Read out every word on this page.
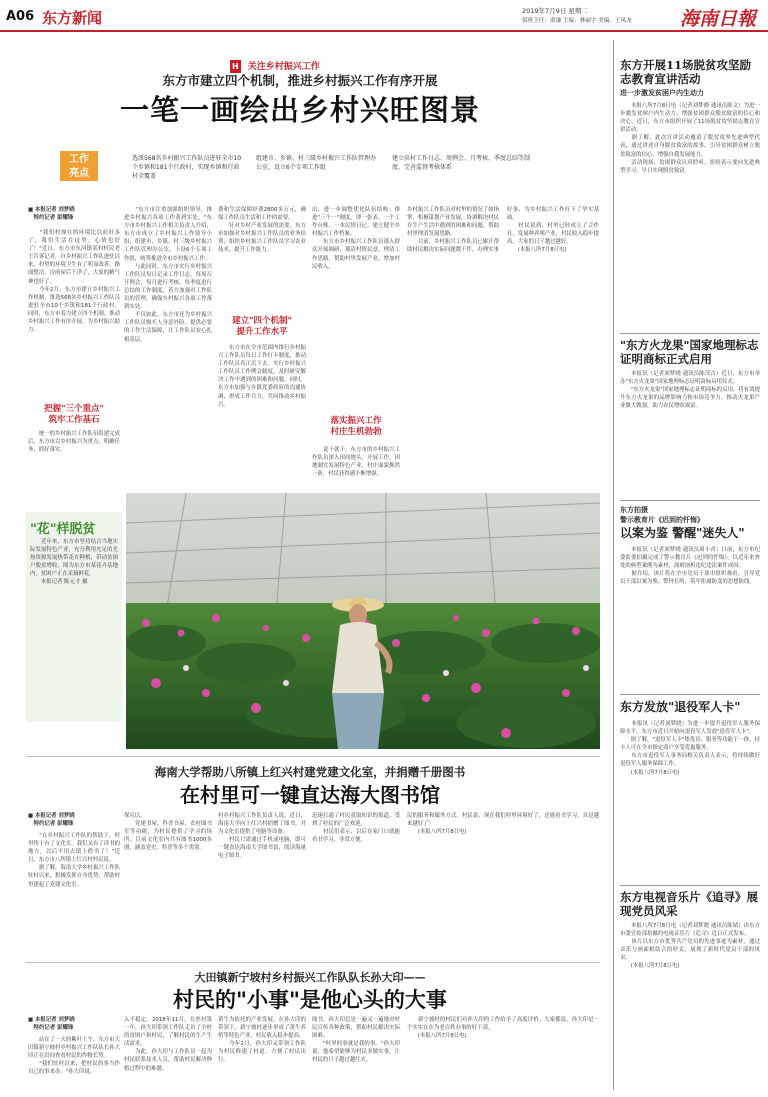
A06 东方新闻	2019年7月9日 星期二
值班主任：俞谦 主编：林丽宇 美编：王凤龙	海南日報
H 关注乡村振兴工作
东方市建立四个机制，推进乡村振兴工作有序开展
一笔一画绘出乡村兴旺图景
工作
亮点
选派568名乡村振兴工作队员进驻全市10个乡镇和181个行政村，实现乡镇和行政村全覆盖
组建市、乡镇、村三级乡村振兴工作队管理办公室，设立6个专项工作组
建立驻村工作日志、周例会、月考核、季度总结等制度，完善监督考核体系
■ 本报记者 刘梦晓
特约记者 彭耀锋
　　"我们村现在的环境比以前好多了，我们生活在这里，心情也好了！"近日，东方市东河镇某村村民老王告诉记者，自乡村振兴工作队进驻以来，村里的环境卫生有了明显改善，路面整洁，房前屋后干净了，大家的精气神也好了。
　　今年2月，东方市建立乡村振兴工作机制，推选568名乡村振兴工作队员进驻全市10个乡镇和181个行政村。同时，东方市着力建立四个机制，推动乡村振兴工作有序开展，为乡村振兴助力。
把握"三个重点"
筑牢工作基石
　　统一的乡村振兴工作队伍组建完成后，东方市以乡村振兴为重点，明确任务，抓好落实。
　　"东方市注重加强组织领导，推进乡村振兴各项工作落到实处。"东方市乡村振兴工作相关负责人介绍，东方市成立了乡村振兴工作领导小组，组建市、乡镇、村三级乡村振兴工作队管理办公室，下设6个专项工作组，统筹推进全市乡村振兴工作。
　　与此同时，东方市实行乡村振兴工作队员每日记录工作日志，每周召开例会，每月进行考核，每季度进行总结的工作制度，着力加强对工作队员的管理，确保乡村振兴各项工作落到实处。
　　不仅如此，东方市还为乡村振兴工作队员购买人身意外险，提供必要的工作生活保障，让工作队员安心扎根基层。
费和生活保障经费2800多万元，确保工作队员生活和工作的需要。
　　针对乡村产业发展的需要，东方市加强对乡村振兴工作队员的业务培训，组织乡村振兴工作队员学习农业技术，提升工作能力。
建立"四个机制"
提升工作水平
　　东方市在全市范围内推行乡村振兴工作队员每日工作打卡制度，推动工作队员真正沉下去。实行乡村振兴工作队员工作例会制度，及时研究解决工作中遇到的困难和问题。同时，东方市加强与乡镇党委政府的沟通协调，形成工作合力，共同推动乡村振兴。
出，进一步调整优化队伍结构；推进"三个一"制度，即一张表、一个工作台账、一本民情日记，建立健全乡村振兴工作档案。
　　东方市乡村振兴工作队员深入群众开展调研，摸清村情民意，理清工作思路，帮助村里发展产业，增加村民收入。
落实振兴工作
村庄生机勃勃
　　说干就干，东方市的乡村振兴工作队员深入田间地头，开展工作，因地制宜发展特色产业，村庄面貌焕然一新，村民获得感不断增强。
乡村振兴工作队员对村里的情况了如指掌，积极谋划产业发展，协调解决村民在生产生活中遇到的困难和问题，帮助村里理清发展思路。
　　目前，乡村振兴工作队员已累计帮助村民解决实际问题数千件，办理实事好事，为乡村振兴工作打下了坚实基础。
　　村民说到，村里已经成立了合作社，发展种养殖产业，村民收入稳步提高，大家的日子越过越好。
　　(本报八所7月8日电)
"花"样脱贫
　　近年来，东方市坚持结合当地实际发展特色产业，充分利用充足的光热资源发展热带花卉种植，带动贫困户脱贫增收。图为东方市某花卉基地内，贫困户正在采摘鲜花。
　　本报记者 陈元才 摄
海南大学帮助八所镇上红兴村建党建文化室，并捐赠千册图书
在村里可一键直达海大图书馆
■ 本报记者 刘梦晓
特约记者 彭耀锋
　　"在乡村振兴工作队的帮助下，村里终于有了文化室。我们又有了读书的地方，以后不用去镇上借书了！"近日，东方市八所镇上红兴村村民说。
　　据了解，海南大学乡村振兴工作队驻村以来，积极发挥自身优势，帮助村里建起了党建文化室。
探究以。
　　党建书屋、科普书屋、农村图书室等功能，为村民提供了学习的场所。目前文化室内共有图书1000多册，涵盖党史、科普等多个类别。
村乡村振兴工作队负责人说，近日，海南大学向上红兴村捐赠了图书，并为文化室提供了电脑等设备。
　　村民只需通过手机或电脑，即可一键直达海南大学图书馆，阅读海量电子图书。
迅速打通了村民获取知识的渠道，受到了村民的广泛欢迎。
　　村民们表示，以后在家门口就能看书学习，非常方便。
民的服务和服务方式。村民说，现在我们村里环境好了，还能看书学习，真是越来越好了！
　　(本报八所7月8日电)
大田镇新宁坡村乡村振兴工作队队长孙大印——
村民的"小事"是他心头的大事
■ 本报记者 刘梦晓
特约记者 彭耀锋
　　站在了一天的紫叶上午，东方市大田镇新宁坡村乡村振兴工作队队长孙大印正在田间查看村民的作物长势。
　　"我们驻村以来，把村民的事当作自己的事来办。"孙大印说。
入不稳定。2018年11月，在驻村第一年，孙大印带领工作队走访了全村的贫困户和村民，了解村民的生产生活需求。
　　为此，孙大印与工作队员一起为村民联系技术人员，帮助村民解决种植过程中的难题。
黄牛为依托的产业发展，在孙大印的带领下，新宁坡村逐步形成了黄牛养殖等特色产业，村民收入稳步提高。
　　今年2月，孙大印又带领工作队为村民修建了村道，方便了村民出行。
阅书，孙大印总是一遍又一遍地对村民宣传各种政策，帮助村民解决实际困难。
　　"村里的事就是我的事。"孙大印说，他希望能够为村民多做实事，让村民的日子越过越红火。
　　新宁坡村的村民们对孙大印的工作给予了高度评价。大家都说，孙大印是一个实实在在为老百姓办事的好干部。
　　(本报八所7月8日电)
东方开展11场脱贫攻坚励志教育宣讲活动
进一步激发贫困户内生动力
　　本报八所7月8日电（记者刘梦晓 通讯员陈文）为进一步激发贫困户内生动力，增强贫困群众脱贫致富的信心和决心，近日，东方市组织开展了11场脱贫攻坚励志教育宣讲活动。
　　据了解，此次宣讲活动邀请了脱贫攻坚先进典型代表，通过讲述自身脱贫致富的故事，引导贫困群众树立脱贫致富的信心，增强自我发展能力。
　　活动现场，贫困群众认真聆听，纷纷表示要向先进典型学习，早日实现脱贫致富。
"东方火龙果"国家地理标志证明商标正式启用
　　本报讯（记者刘梦晓 通讯员陈茂吉）近日，东方市举办"东方火龙果"国家地理标志证明商标启用仪式。
　　"东方火龙果"国家地理标志证明商标的启用，将有效提升东方火龙果的品牌影响力和市场竞争力，推动火龙果产业做大做强，助力农民增收致富。
东方拍摄
警示教育片《迟到的忏悔》
以案为鉴 警醒"迷失人"
　　本报讯（记者刘梦晓 通讯员周小青）日前，东方市纪委监委拍摄完成了警示教育片《迟到的忏悔》，以近年来查处的典型案例为素材，深刻剖析违纪违法案件成因。
　　据介绍，该片将在全市党员干部中组织观看，引导党员干部以案为鉴、警钟长鸣，筑牢拒腐防变的思想防线。
东方发放"退役军人卡"
　　本报讯（记者刘梦晓）为进一步提升退役军人服务保障水平，东方市近日开始向退役军人发放"退役军人卡"。
　　据了解，"退役军人卡"集优待、服务等功能于一体，持卡人可在全市指定商户享受优惠服务。
　　东方市退役军人事务局相关负责人表示，将持续做好退役军人服务保障工作。
　　(本报八所7月8日电)
东方电视音乐片《追寻》展现党员风采
　　本报八所7月8日电（记者刘梦晓 通讯员陈婧）由东方市委宣传部拍摄的电视音乐片《追寻》近日正式发布。
　　该片以东方市优秀共产党员的先进事迹为素材，通过音乐与画面相结合的形式，展现了新时代党员干部的风采。
　　(本报八所7月8日电)
